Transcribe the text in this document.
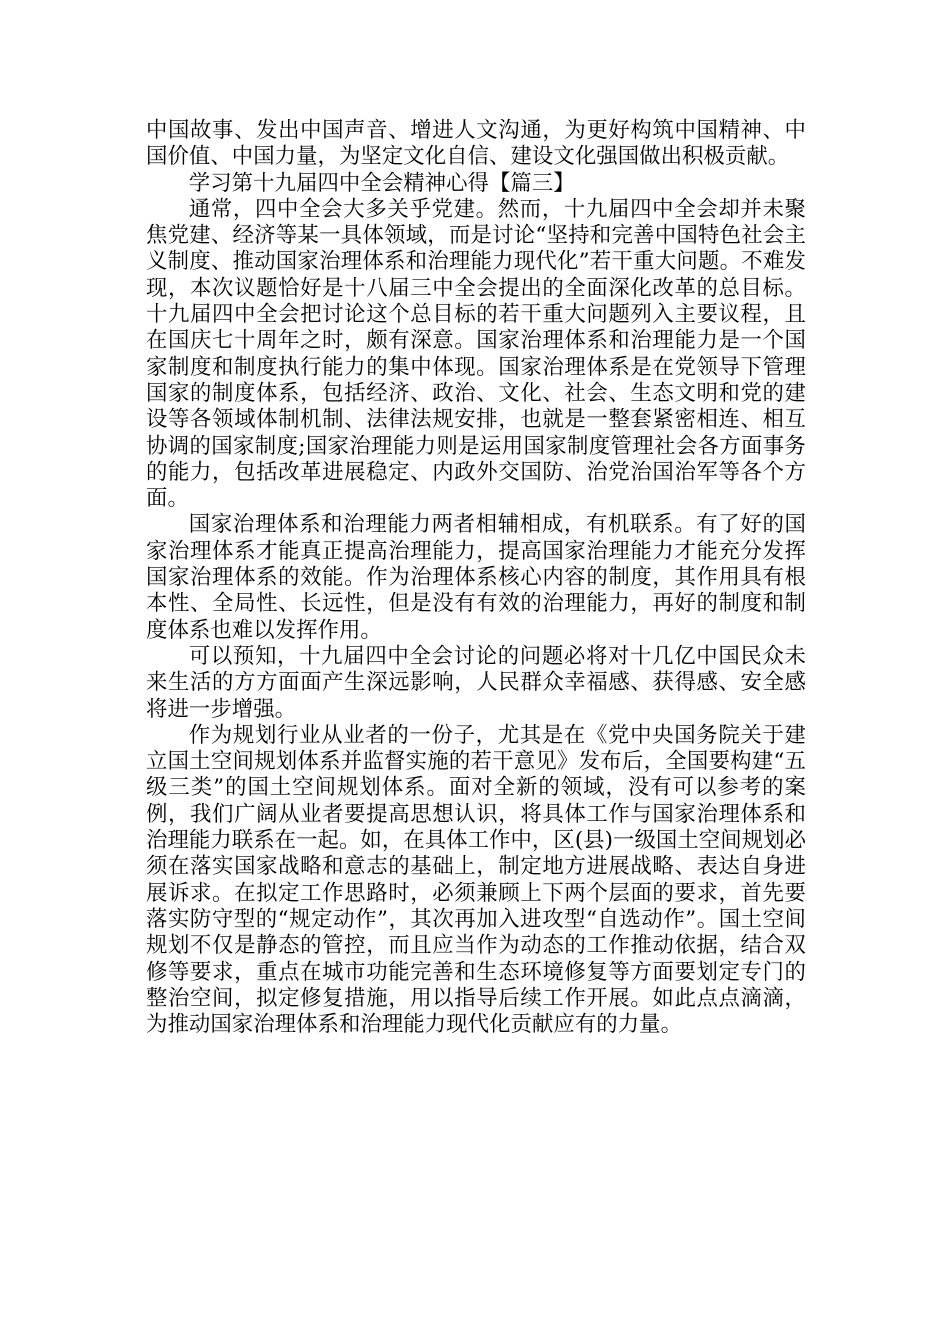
中国故事、发出中国声音、增进人文沟通，为更好构筑中国精神、中国价值、中国力量，为坚定文化自信、建设文化强国做出积极贡献。

学习第十九届四中全会精神心得【篇三】

通常，四中全会大多关乎党建。然而，十九届四中全会却并未聚焦党建、经济等某一具体领域，而是讨论“坚持和完善中国特色社会主义制度、推动国家治理体系和治理能力现代化”若干重大问题。不难发现，本次议题恰好是十八届三中全会提出的全面深化改革的总目标。十九届四中全会把讨论这个总目标的若干重大问题列入主要议程，且在国庆七十周年之时，颇有深意。国家治理体系和治理能力是一个国家制度和制度执行能力的集中体现。国家治理体系是在党领导下管理国家的制度体系，包括经济、政治、文化、社会、生态文明和党的建设等各领域体制机制、法律法规安排，也就是一整套紧密相连、相互协调的国家制度;国家治理能力则是运用国家制度管理社会各方面事务的能力，包括改革进展稳定、内政外交国防、治党治国治军等各个方面。

国家治理体系和治理能力两者相辅相成，有机联系。有了好的国家治理体系才能真正提高治理能力，提高国家治理能力才能充分发挥国家治理体系的效能。作为治理体系核心内容的制度，其作用具有根本性、全局性、长远性，但是没有有效的治理能力，再好的制度和制度体系也难以发挥作用。

可以预知，十九届四中全会讨论的问题必将对十几亿中国民众未来生活的方方面面产生深远影响，人民群众幸福感、获得感、安全感将进一步增强。

作为规划行业从业者的一份子，尤其是在《党中央国务院关于建立国土空间规划体系并监督实施的若干意见》发布后，全国要构建“五级三类”的国土空间规划体系。面对全新的领域，没有可以参考的案例，我们广阔从业者要提高思想认识，将具体工作与国家治理体系和治理能力联系在一起。如，在具体工作中，区(县)一级国土空间规划必须在落实国家战略和意志的基础上，制定地方进展战略、表达自身进展诉求。在拟定工作思路时，必须兼顾上下两个层面的要求，首先要落实防守型的“规定动作”，其次再加入进攻型“自选动作”。国土空间规划不仅是静态的管控，而且应当作为动态的工作推动依据，结合双修等要求，重点在城市功能完善和生态环境修复等方面要划定专门的整治空间，拟定修复措施，用以指导后续工作开展。如此点点滴滴，为推动国家治理体系和治理能力现代化贡献应有的力量。
